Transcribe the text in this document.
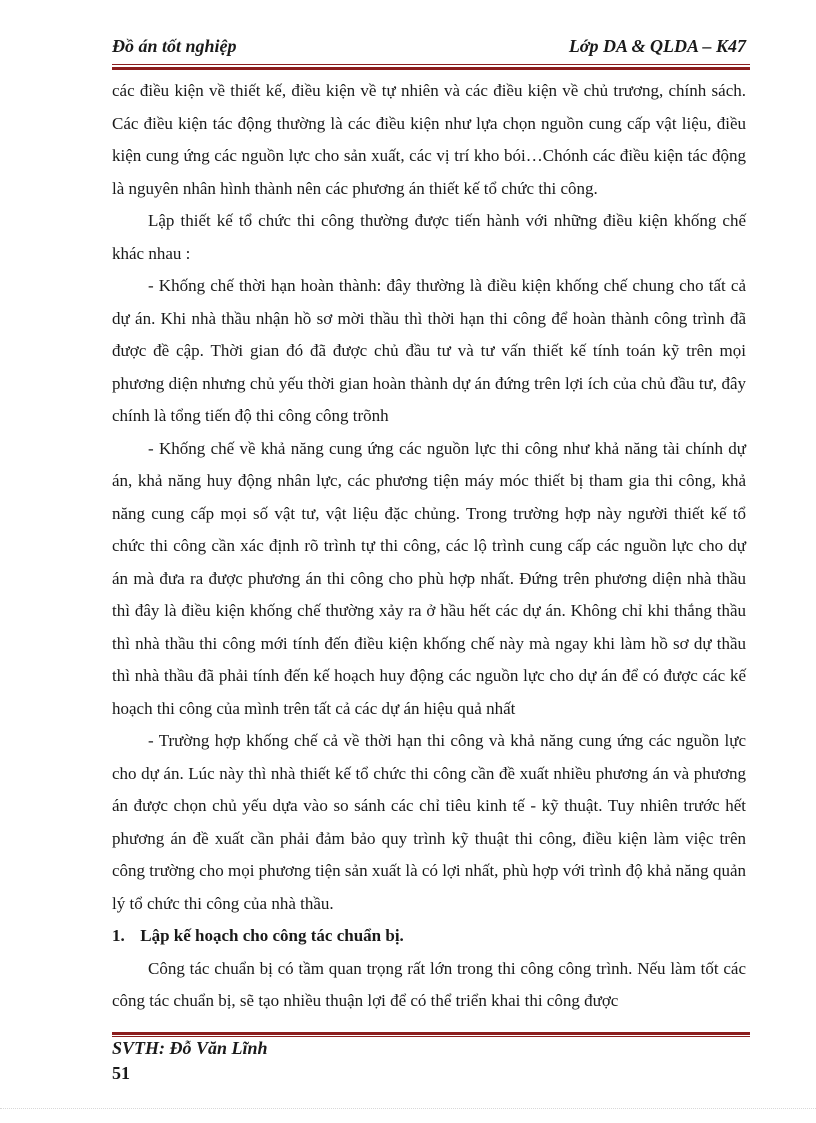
Đồ án tốt nghiệp	Lớp DA & QLDA – K47

các điều kiện về thiết kế, điều kiện về tự nhiên và các điều kiện về chủ trương, chính sách. Các điều kiện tác động thường là các điều kiện như lựa chọn nguồn cung cấp vật liệu, điều kiện cung ứng các nguồn lực cho sản xuất, các vị trí kho bói…Chónh các điều kiện tác động là nguyên nhân hình thành nên các phương án thiết kế tổ chức thi công.

Lập thiết kế tổ chức thi công thường được tiến hành với những điều kiện khống chế khác nhau :

- Khống chế thời hạn hoàn thành: đây thường là điều kiện khống chế chung cho tất cả dự án. Khi nhà thầu nhận hồ sơ mời thầu thì thời hạn thi công để hoàn thành công trình đã được đề cập. Thời gian đó đã được chủ đầu tư và tư vấn thiết kế tính toán kỹ trên mọi phương diện nhưng chủ yếu thời gian hoàn thành dự án đứng trên lợi ích của chủ đầu tư, đây chính là tổng tiến độ thi công công trõnh

- Khống chế về khả năng cung ứng các nguồn lực thi công như khả năng tài chính dự án, khả năng huy động nhân lực, các phương tiện máy móc thiết bị tham gia thi công, khả năng cung cấp mọi số vật tư, vật liệu đặc chủng. Trong trường hợp này người thiết kế tổ chức thi công cần xác định rõ trình tự thi công, các lộ trình cung cấp các nguồn lực cho dự án mà đưa ra được phương án thi công cho phù hợp nhất. Đứng trên phương diện nhà thầu thì đây là điều kiện khống chế thường xảy ra ở hầu hết các dự án. Không chỉ khi thắng thầu thì nhà thầu thi công mới tính đến điều kiện khống chế này mà ngay khi làm hồ sơ dự thầu thì nhà thầu đã phải tính đến kế hoạch huy động các nguồn lực cho dự án để có được các kế hoạch thi công của mình trên tất cả các dự án hiệu quả nhất

- Trường hợp khống chế cả về thời hạn thi công và khả năng cung ứng các nguồn lực cho dự án. Lúc này thì nhà thiết kế tổ chức thi công cần đề xuất nhiều phương án và phương án được chọn chủ yếu dựa vào so sánh các chỉ tiêu kinh tế - kỹ thuật. Tuy nhiên trước hết phương án đề xuất cần phải đảm bảo quy trình kỹ thuật thi công, điều kiện làm việc trên công trường cho mọi phương tiện sản xuất là có lợi nhất, phù hợp với trình độ khả năng quản lý tổ chức thi công của nhà thầu.

1. Lập kế hoạch cho công tác chuẩn bị.

Công tác chuẩn bị có tầm quan trọng rất lớn trong thi công công trình. Nếu làm tốt các công tác chuẩn bị, sẽ tạo nhiều thuận lợi để có thể triển khai thi công được

SVTH: Đỗ Văn Lĩnh
51
